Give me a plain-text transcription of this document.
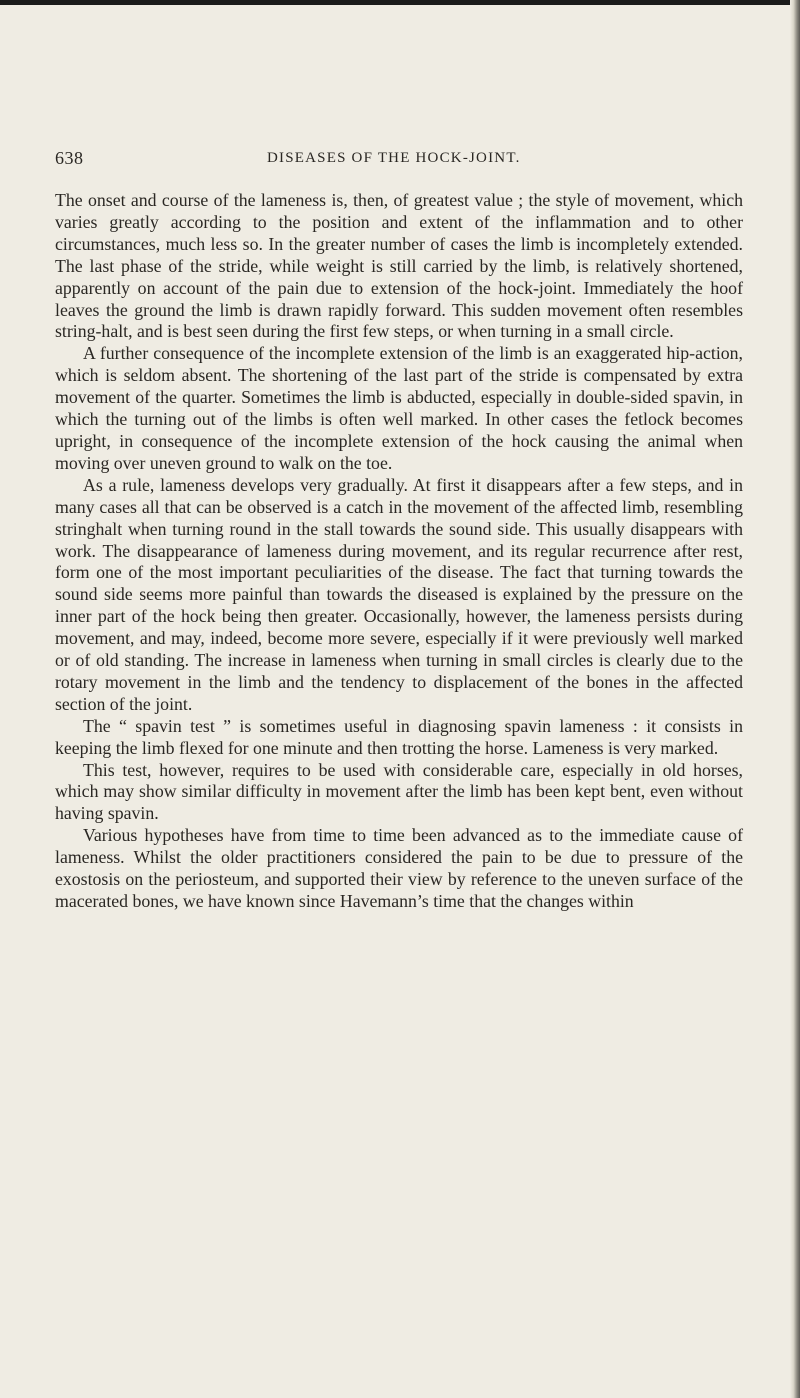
638	DISEASES OF THE HOCK-JOINT.

The onset and course of the lameness is, then, of greatest value ; the style of movement, which varies greatly according to the position and extent of the inflammation and to other circumstances, much less so. In the greater number of cases the limb is incompletely extended. The last phase of the stride, while weight is still carried by the limb, is relatively shortened, apparently on account of the pain due to extension of the hock-joint. Immediately the hoof leaves the ground the limb is drawn rapidly forward. This sudden movement often resembles string-halt, and is best seen during the first few steps, or when turning in a small circle.

A further consequence of the incomplete extension of the limb is an exaggerated hip-action, which is seldom absent. The shortening of the last part of the stride is compensated by extra movement of the quarter. Sometimes the limb is abducted, especially in double-sided spavin, in which the turning out of the limbs is often well marked. In other cases the fetlock becomes upright, in consequence of the incomplete extension of the hock causing the animal when moving over uneven ground to walk on the toe.

As a rule, lameness develops very gradually. At first it disappears after a few steps, and in many cases all that can be observed is a catch in the movement of the affected limb, resembling stringhalt when turning round in the stall towards the sound side. This usually disappears with work. The disappearance of lameness during movement, and its regular recurrence after rest, form one of the most important peculiarities of the disease. The fact that turning towards the sound side seems more painful than towards the diseased is explained by the pressure on the inner part of the hock being then greater. Occasionally, however, the lameness persists during movement, and may, indeed, become more severe, especially if it were previously well marked or of old standing. The increase in lameness when turning in small circles is clearly due to the rotary movement in the limb and the tendency to displacement of the bones in the affected section of the joint.

The “ spavin test ” is sometimes useful in diagnosing spavin lameness : it consists in keeping the limb flexed for one minute and then trotting the horse. Lameness is very marked.

This test, however, requires to be used with considerable care, especially in old horses, which may show similar difficulty in movement after the limb has been kept bent, even without having spavin.

Various hypotheses have from time to time been advanced as to the immediate cause of lameness. Whilst the older practitioners considered the pain to be due to pressure of the exostosis on the periosteum, and supported their view by reference to the uneven surface of the macerated bones, we have known since Havemann’s time that the changes within
